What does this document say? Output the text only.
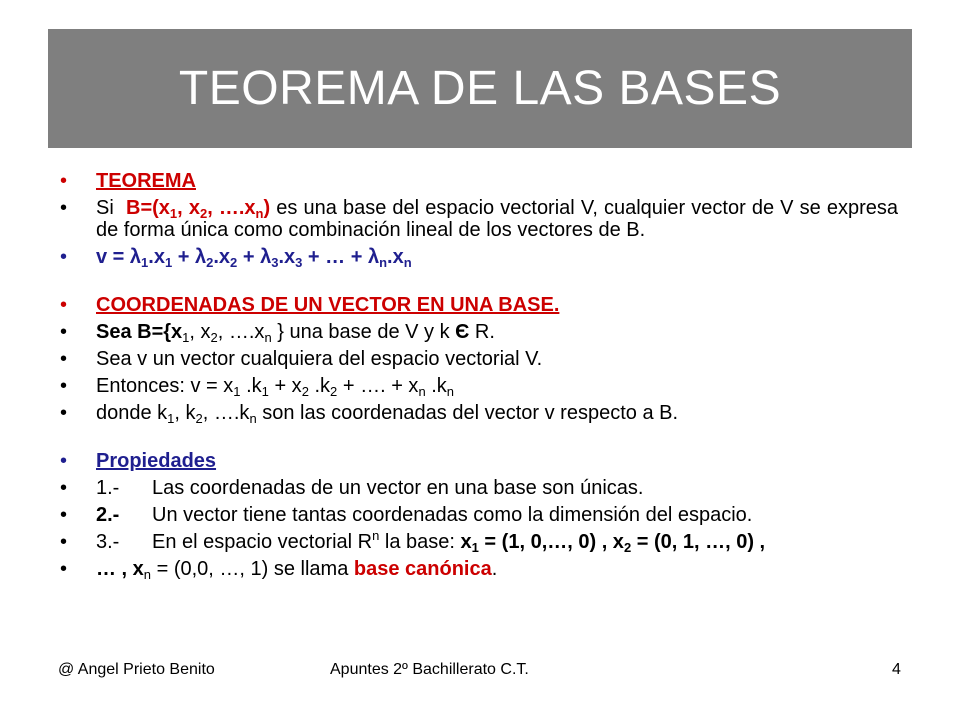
TEOREMA DE LAS BASES
• TEOREMA
• Si $B=(x_1$, $x_2$, $\dots.x_n$) es una base del espacio vectorial V, cualquier vector de V se expresa de forma única como combinación lineal de los vectores de B.
• $v = \lambda_1.x_1 + \lambda_2.x_2 + \lambda_3.x_3$ + … + $\lambda_n.x_n$
• COORDENADAS DE UN VECTOR EN UNA BASE.
• Sea $B=\{x_1$, $x_2$, $\dots.x_n$ } una base de V y k Є R.
• Sea v un vector cualquiera del espacio vectorial V.
• Entonces: $v = x_1$ $.k_1 + x_2$ $.k_2$ + …. + $x_n$ $.k_n$
• donde $k_1$, $k_2$, $\dots.k_n$ son las coordenadas del vector v respecto a B.
• Propiedades
• 1.- Las coordenadas de un vector en una base son únicas.
• 2.- Un vector tiene tantas coordenadas como la dimensión del espacio.
• 3.- En el espacio vectorial $R^n$ la base: $x_1 = (1$, 0,…, 0) , $x_2 = (0$, 1, …, 0) ,
• … , $x_n = (0,0$, …, 1) se llama base canónica.
@ Angel Prieto Benito	Apuntes 2º Bachillerato C.T.	4
